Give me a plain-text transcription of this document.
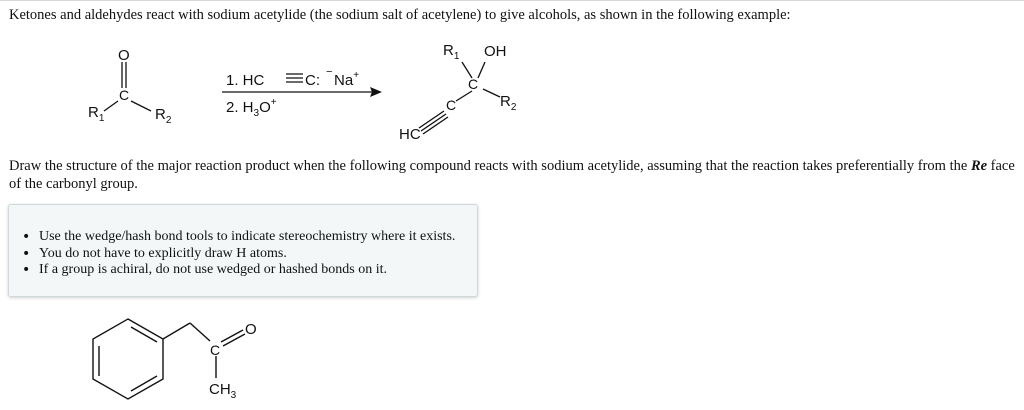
Ketones and aldehydes react with sodium acetylide (the sodium salt of acetylene) to give alcohols, as shown in the following example:
O
C
$R_1$	$R_2$
1. HC	C: − Na+
2. $H_3O^+$
$R_1$ OH
C
$R_2$
C
HC
Draw the structure of the major reaction product when the following compound reacts with sodium acetylide, assuming that the reaction takes preferentially from the Re face of the carbonyl group.
• Use the wedge/hash bond tools to indicate stereochemistry where it exists.
• You do not have to explicitly draw H atoms.
• If a group is achiral, do not use wedged or hashed bonds on it.
C
O
$CH_3$
